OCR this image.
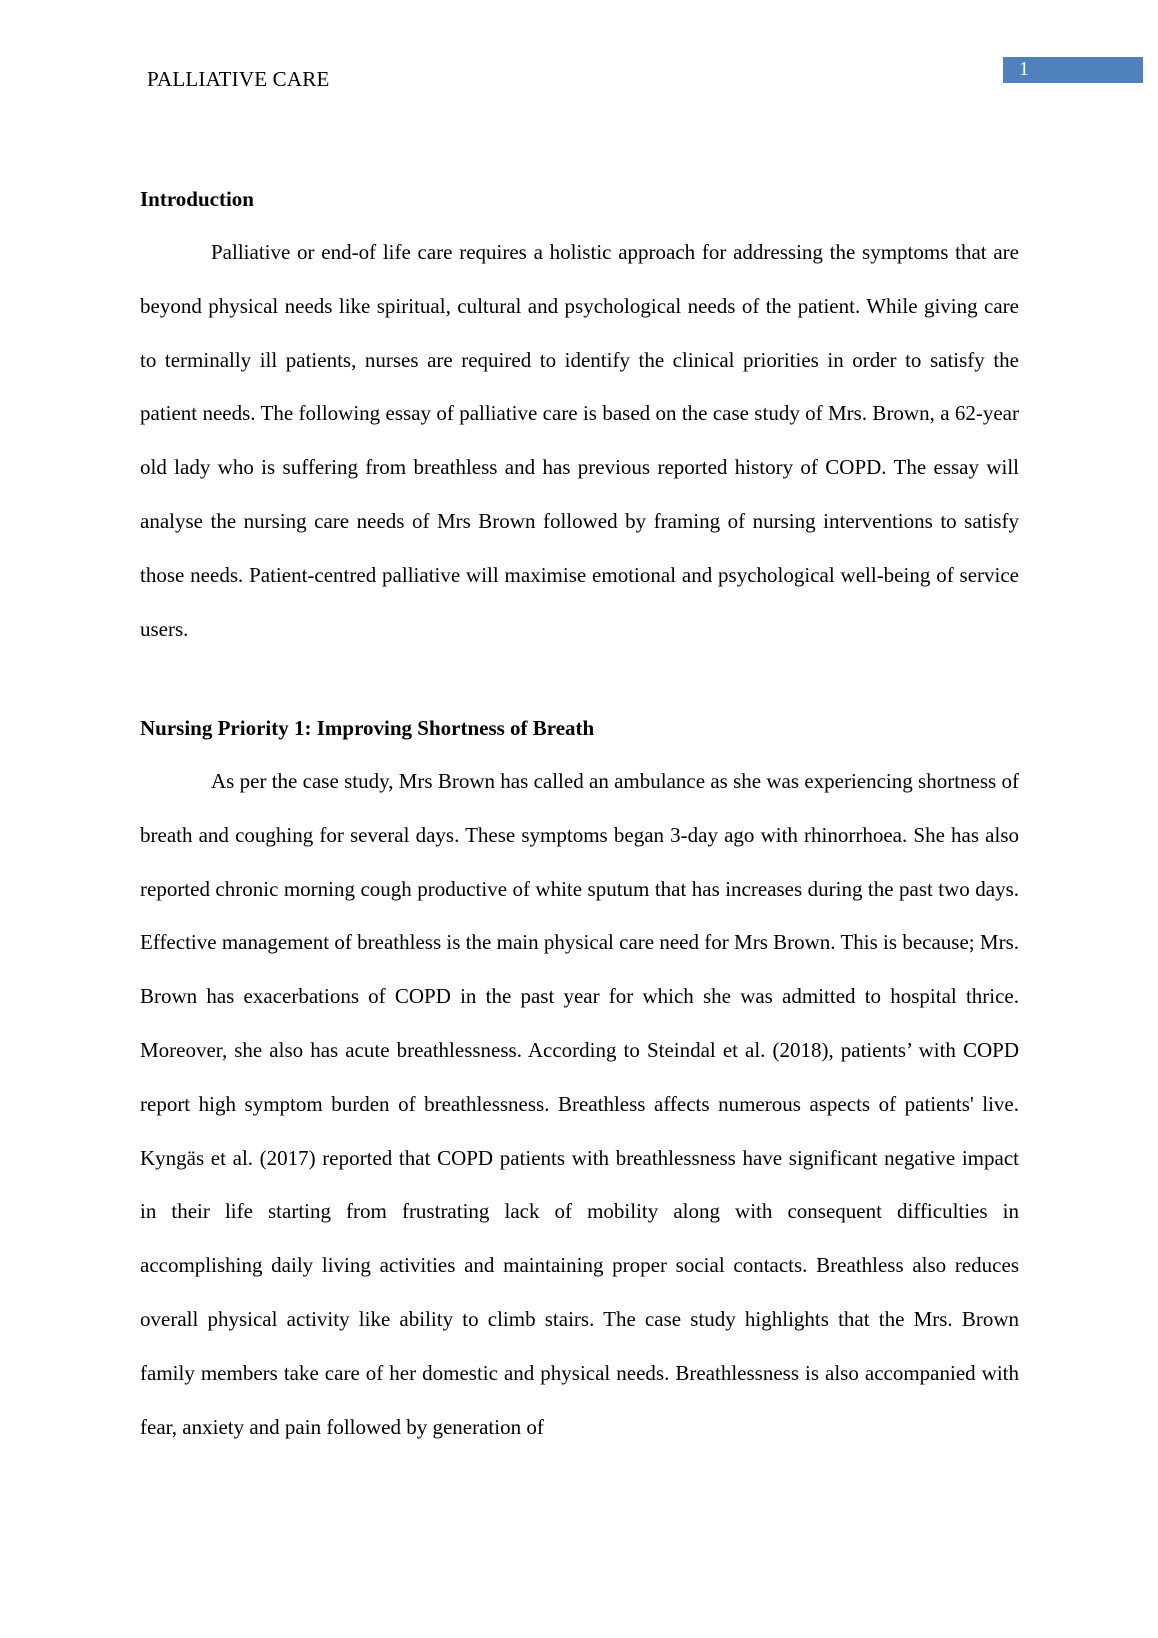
PALLIATIVE CARE	1
Introduction

Palliative or end-of life care requires a holistic approach for addressing the symptoms that are beyond physical needs like spiritual, cultural and psychological needs of the patient. While giving care to terminally ill patients, nurses are required to identify the clinical priorities in order to satisfy the patient needs. The following essay of palliative care is based on the case study of Mrs. Brown, a 62-year old lady who is suffering from breathless and has previous reported history of COPD. The essay will analyse the nursing care needs of Mrs Brown followed by framing of nursing interventions to satisfy those needs. Patient-centred palliative will maximise emotional and psychological well-being of service users.

Nursing Priority 1: Improving Shortness of Breath

As per the case study, Mrs Brown has called an ambulance as she was experiencing shortness of breath and coughing for several days. These symptoms began 3-day ago with rhinorrhoea. She has also reported chronic morning cough productive of white sputum that has increases during the past two days. Effective management of breathless is the main physical care need for Mrs Brown. This is because; Mrs. Brown has exacerbations of COPD in the past year for which she was admitted to hospital thrice. Moreover, she also has acute breathlessness. According to Steindal et al. (2018), patients’ with COPD report high symptom burden of breathlessness. Breathless affects numerous aspects of patients' live. Kyngäs et al. (2017) reported that COPD patients with breathlessness have significant negative impact in their life starting from frustrating lack of mobility along with consequent difficulties in accomplishing daily living activities and maintaining proper social contacts. Breathless also reduces overall physical activity like ability to climb stairs. The case study highlights that the Mrs. Brown family members take care of her domestic and physical needs. Breathlessness is also accompanied with fear, anxiety and pain followed by generation of
